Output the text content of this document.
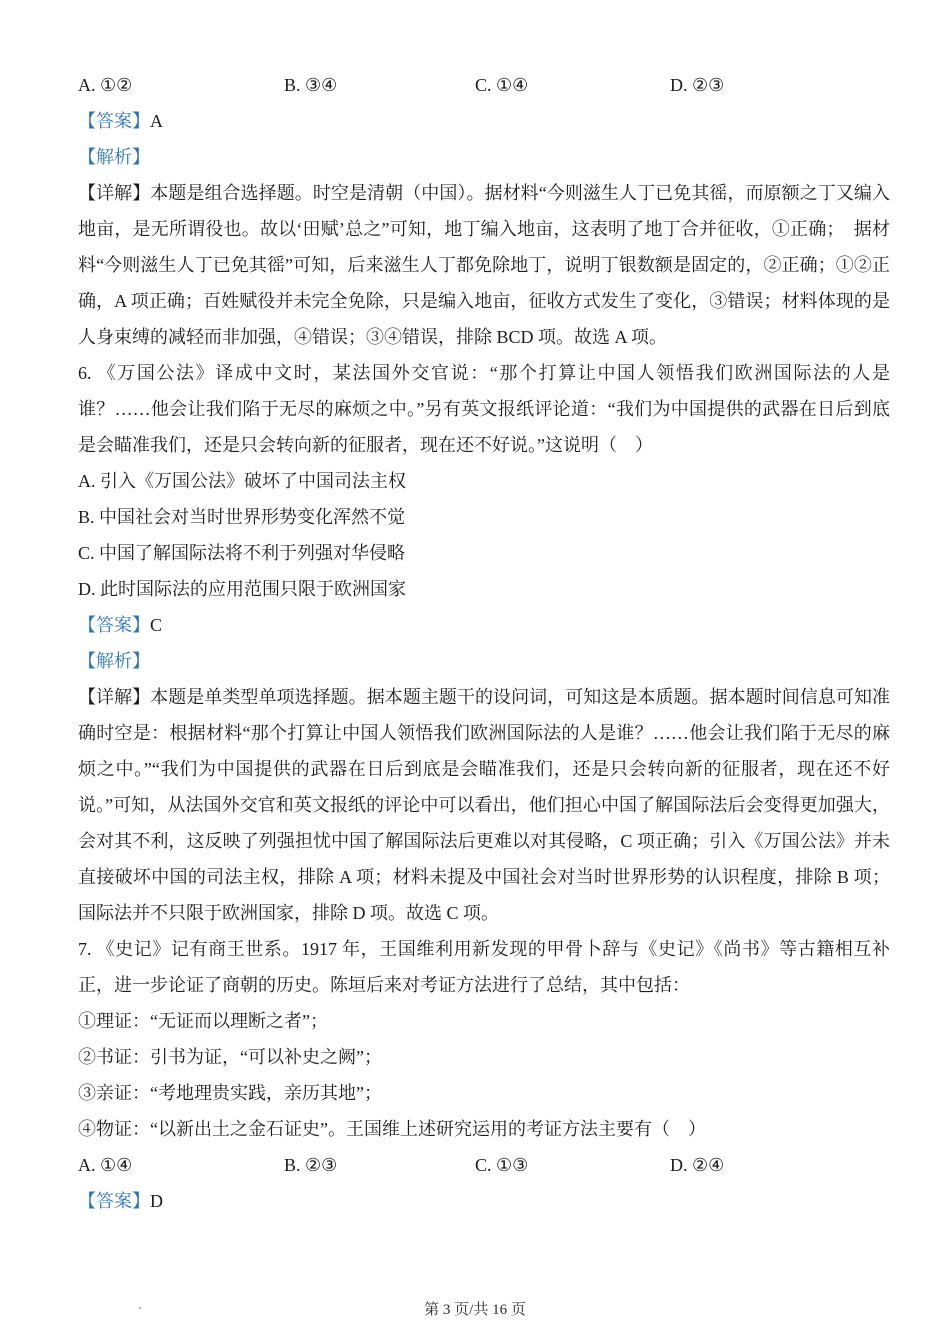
A. ①②	B. ③④	C. ①④	D. ②③
【答案】A
【解析】
【详解】本题是组合选择题。时空是清朝（中国）。据材料“今则滋生人丁已免其徭，而原额之丁又编入地亩，是无所谓役也。故以‘田赋’总之”可知，地丁编入地亩，这表明了地丁合并征收，①正确；　据材料“今则滋生人丁已免其徭”可知，后来滋生人丁都免除地丁，说明丁银数额是固定的，②正确；①②正确，A 项正确；百姓赋役并未完全免除，只是编入地亩，征收方式发生了变化，③错误；材料体现的是人身束缚的减轻而非加强，④错误；③④错误，排除 BCD 项。故选 A 项。
6. 《万国公法》译成中文时，某法国外交官说：“那个打算让中国人领悟我们欧洲国际法的人是谁？……他会让我们陷于无尽的麻烦之中。”另有英文报纸评论道：“我们为中国提供的武器在日后到底是会瞄准我们，还是只会转向新的征服者，现在还不好说。”这说明（　）
A. 引入《万国公法》破坏了中国司法主权
B. 中国社会对当时世界形势变化浑然不觉
C. 中国了解国际法将不利于列强对华侵略
D. 此时国际法的应用范围只限于欧洲国家
【答案】C
【解析】
【详解】本题是单类型单项选择题。据本题主题干的设问词，可知这是本质题。据本题时间信息可知准确时空是：根据材料“那个打算让中国人领悟我们欧洲国际法的人是谁？……他会让我们陷于无尽的麻烦之中。”“我们为中国提供的武器在日后到底是会瞄准我们，还是只会转向新的征服者，现在还不好说。”可知，从法国外交官和英文报纸的评论中可以看出，他们担心中国了解国际法后会变得更加强大，会对其不利，这反映了列强担忧中国了解国际法后更难以对其侵略，C 项正确；引入《万国公法》并未直接破坏中国的司法主权，排除 A 项；材料未提及中国社会对当时世界形势的认识程度，排除 B 项；国际法并不只限于欧洲国家，排除 D 项。故选 C 项。
7. 《史记》记有商王世系。1917 年，王国维利用新发现的甲骨卜辞与《史记》《尚书》等古籍相互补正，进一步论证了商朝的历史。陈垣后来对考证方法进行了总结，其中包括：
①理证：“无证而以理断之者”；
②书证：引书为证，“可以补史之阙”；
③亲证：“考地理贵实践，亲历其地”；
④物证：“以新出土之金石证史”。王国维上述研究运用的考证方法主要有（　）
A. ①④	B. ②③	C. ①③	D. ②④
【答案】D
第 3 页/共 16 页
